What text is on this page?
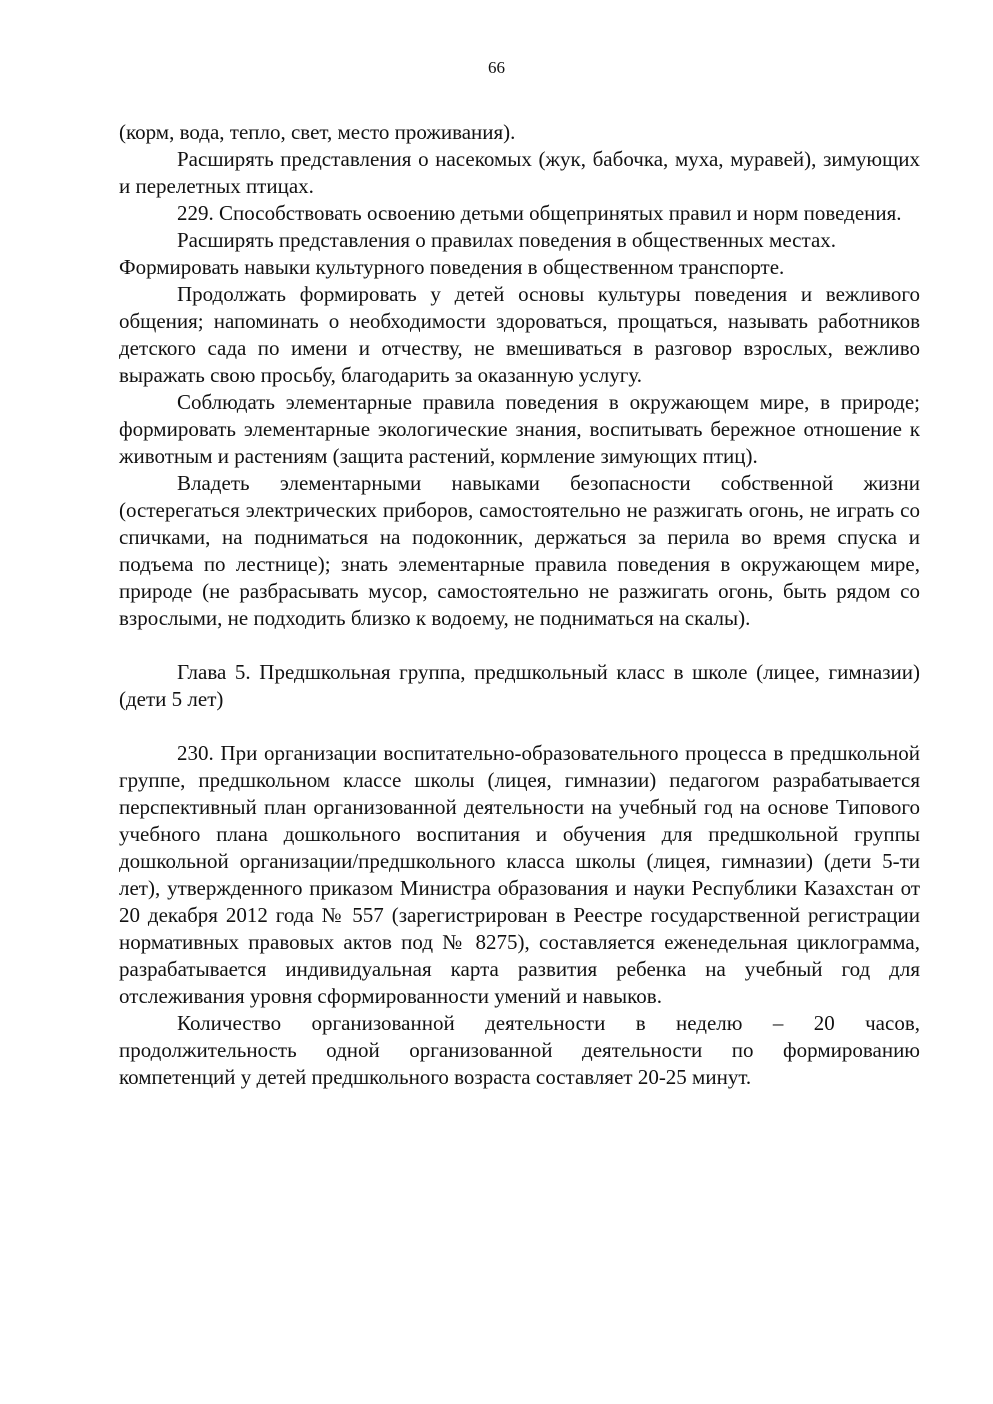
66

(корм, вода, тепло, свет, место проживания).

Расширять представления о насекомых (жук, бабочка, муха, муравей), зимующих и перелетных птицах.

229. Способствовать освоению детьми общепринятых правил и норм поведения.

Расширять представления о правилах поведения в общественных местах.

Формировать навыки культурного поведения в общественном транспорте.

Продолжать формировать у детей основы культуры поведения и вежливого общения; напоминать о необходимости здороваться, прощаться, называть работников детского сада по имени и отчеству, не вмешиваться в разговор взрослых, вежливо выражать свою просьбу, благодарить за оказанную услугу.

Соблюдать элементарные правила поведения в окружающем мире, в природе; формировать элементарные экологические знания, воспитывать бережное отношение к животным и растениям (защита растений, кормление зимующих птиц).

Владеть элементарными навыками безопасности собственной жизни (остерегаться электрических приборов, самостоятельно не разжигать огонь, не играть со спичками, на подниматься на подоконник, держаться за перила во время спуска и подъема по лестнице); знать элементарные правила поведения в окружающем мире, природе (не разбрасывать мусор, самостоятельно не разжигать огонь, быть рядом со взрослыми, не подходить близко к водоему, не подниматься на скалы).

Глава 5. Предшкольная группа, предшкольный класс в школе (лицее, гимназии) (дети 5 лет)

230. При организации воспитательно-образовательного процесса в предшкольной группе, предшкольном классе школы (лицея, гимназии) педагогом разрабатывается перспективный план организованной деятельности на учебный год на основе Типового учебного плана дошкольного воспитания и обучения для предшкольной группы дошкольной организации/предшкольного класса школы (лицея, гимназии) (дети 5-ти лет), утвержденного приказом Министра образования и науки Республики Казахстан от 20 декабря 2012 года № 557 (зарегистрирован в Реестре государственной регистрации нормативных правовых актов под № 8275), составляется еженедельная циклограмма, разрабатывается индивидуальная карта развития ребенка на учебный год для отслеживания уровня сформированности умений и навыков.

Количество организованной деятельности в неделю – 20 часов, продолжительность одной организованной деятельности по формированию компетенций у детей предшкольного возраста составляет 20-25 минут.
